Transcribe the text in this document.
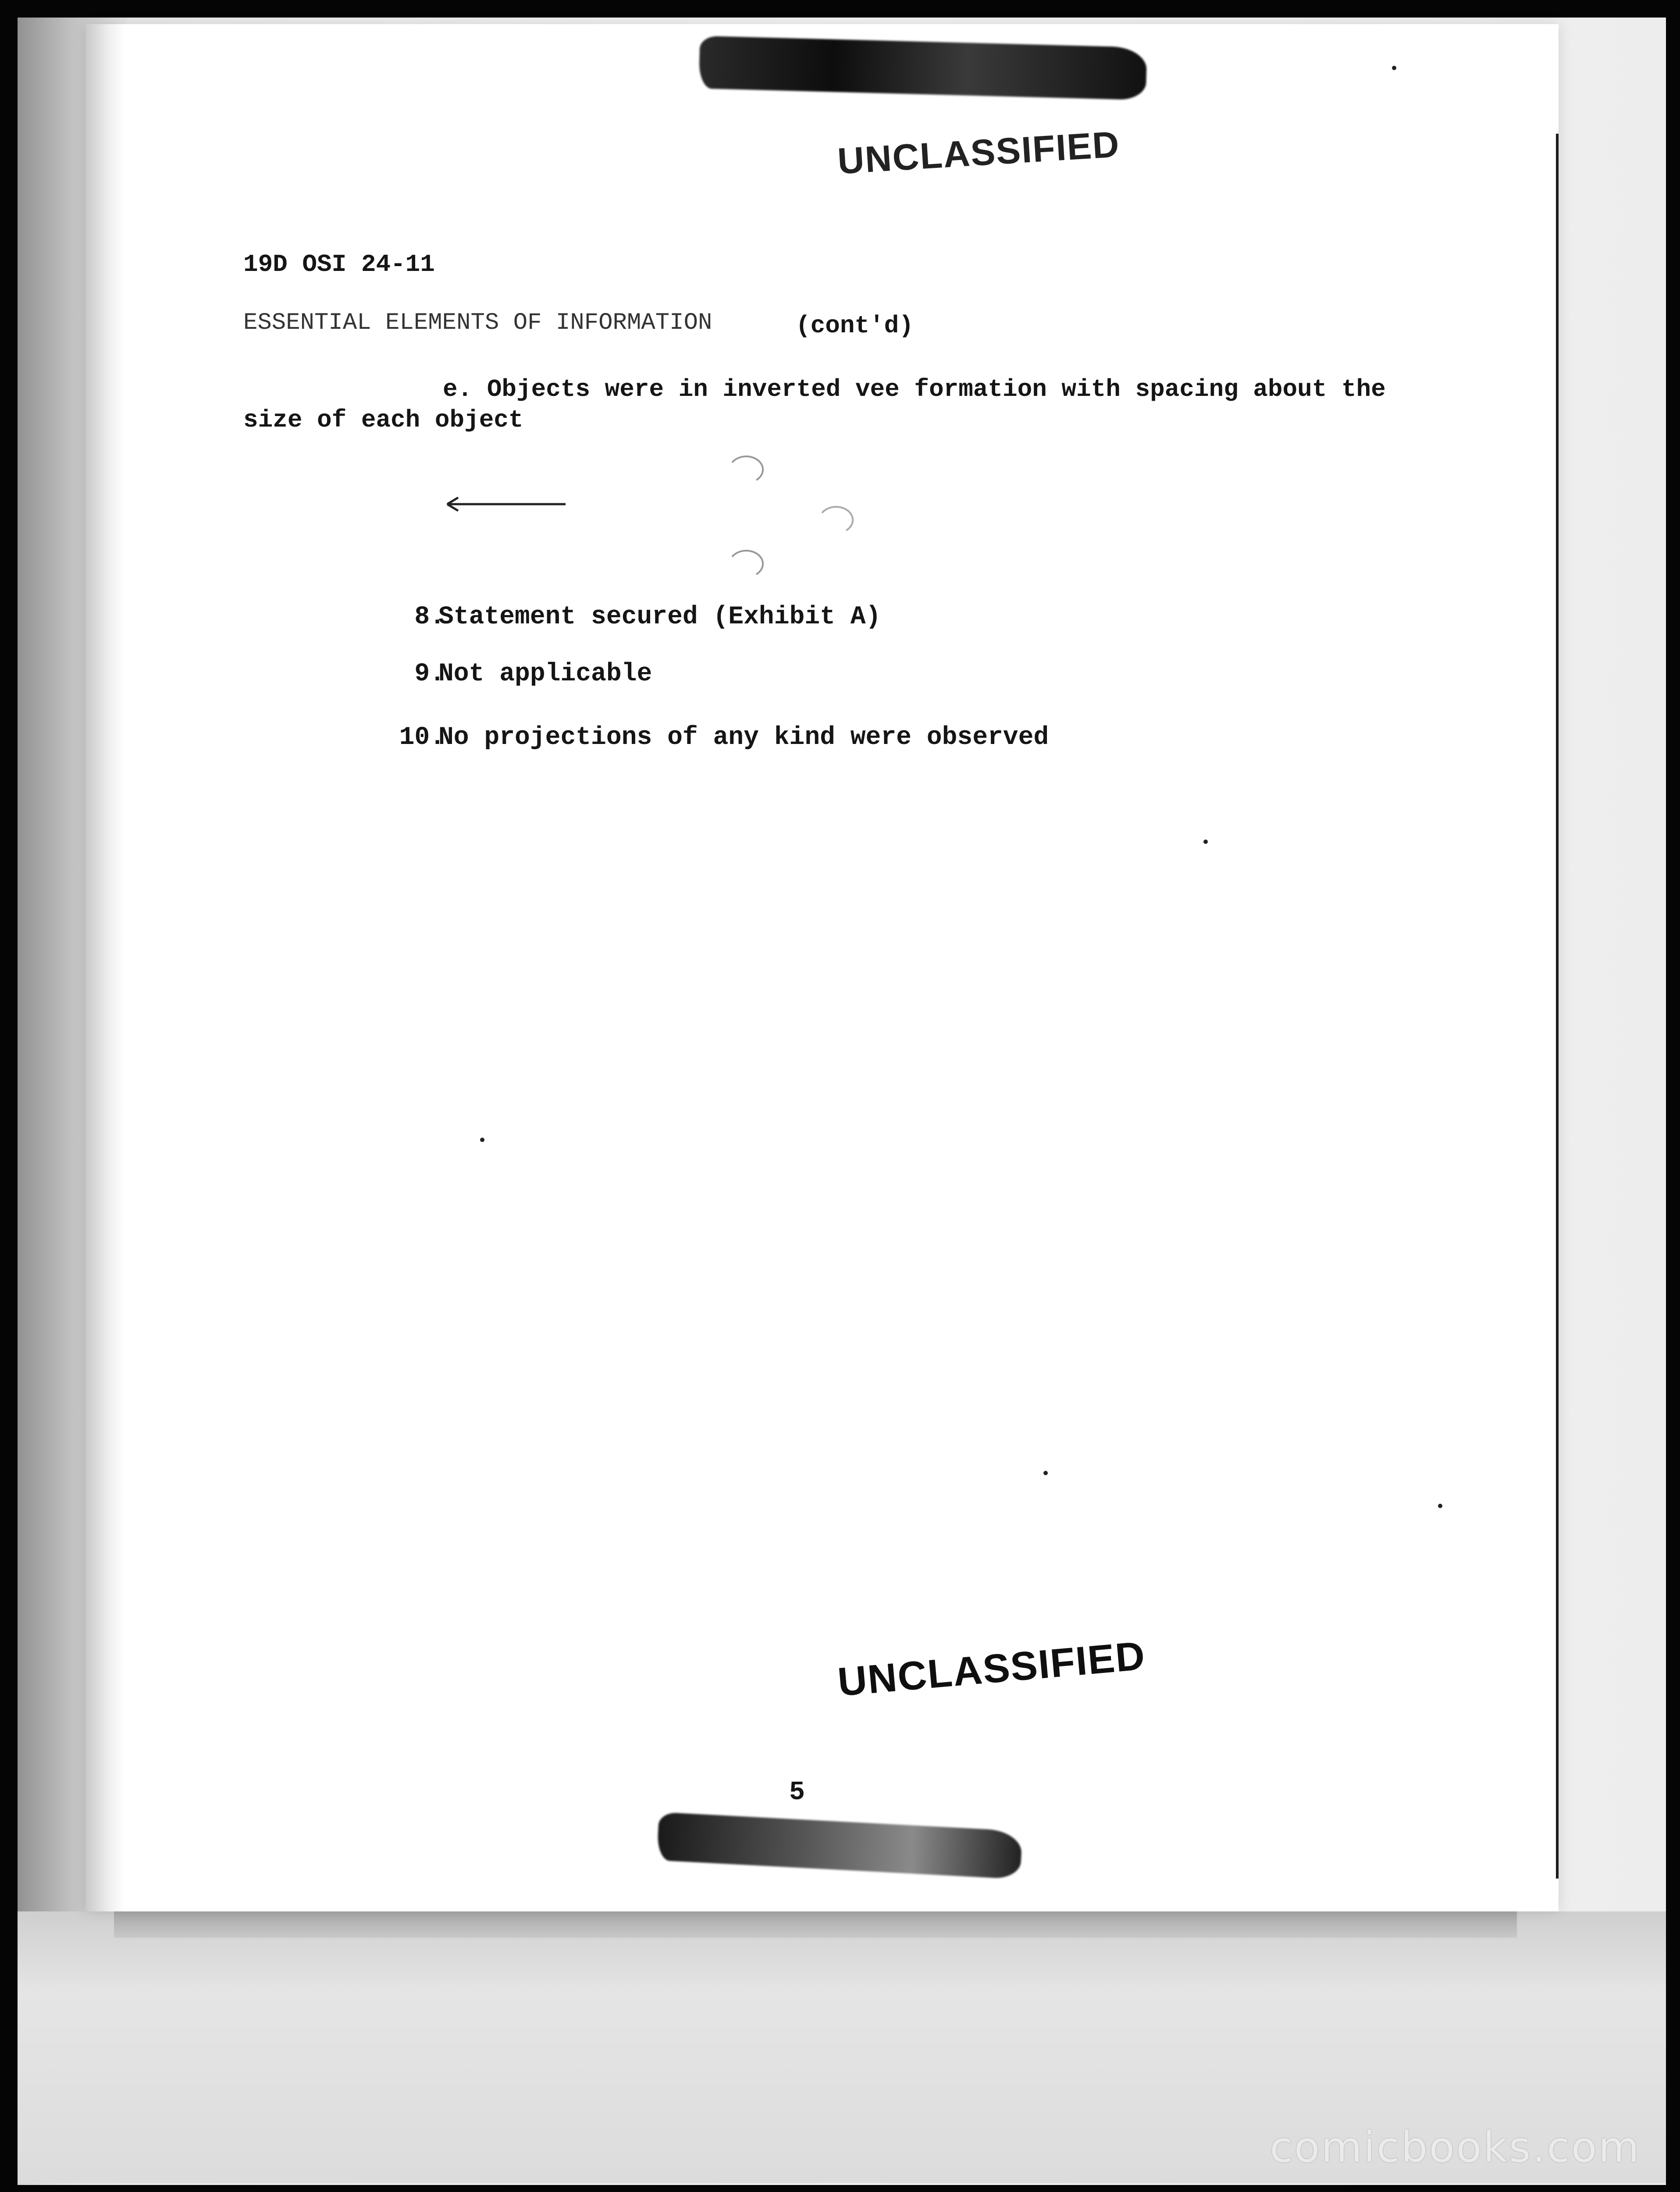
UNCLASSIFIED
19D OSI 24-11
ESSENTIAL ELEMENTS OF INFORMATION	(cont'd)
e. Objects were in inverted vee formation with spacing about the
size of each object
8.
Statement secured (Exhibit A)
9.
Not applicable
10.
No projections of any kind were observed
UNCLASSIFIED
5
comicbooks.com
